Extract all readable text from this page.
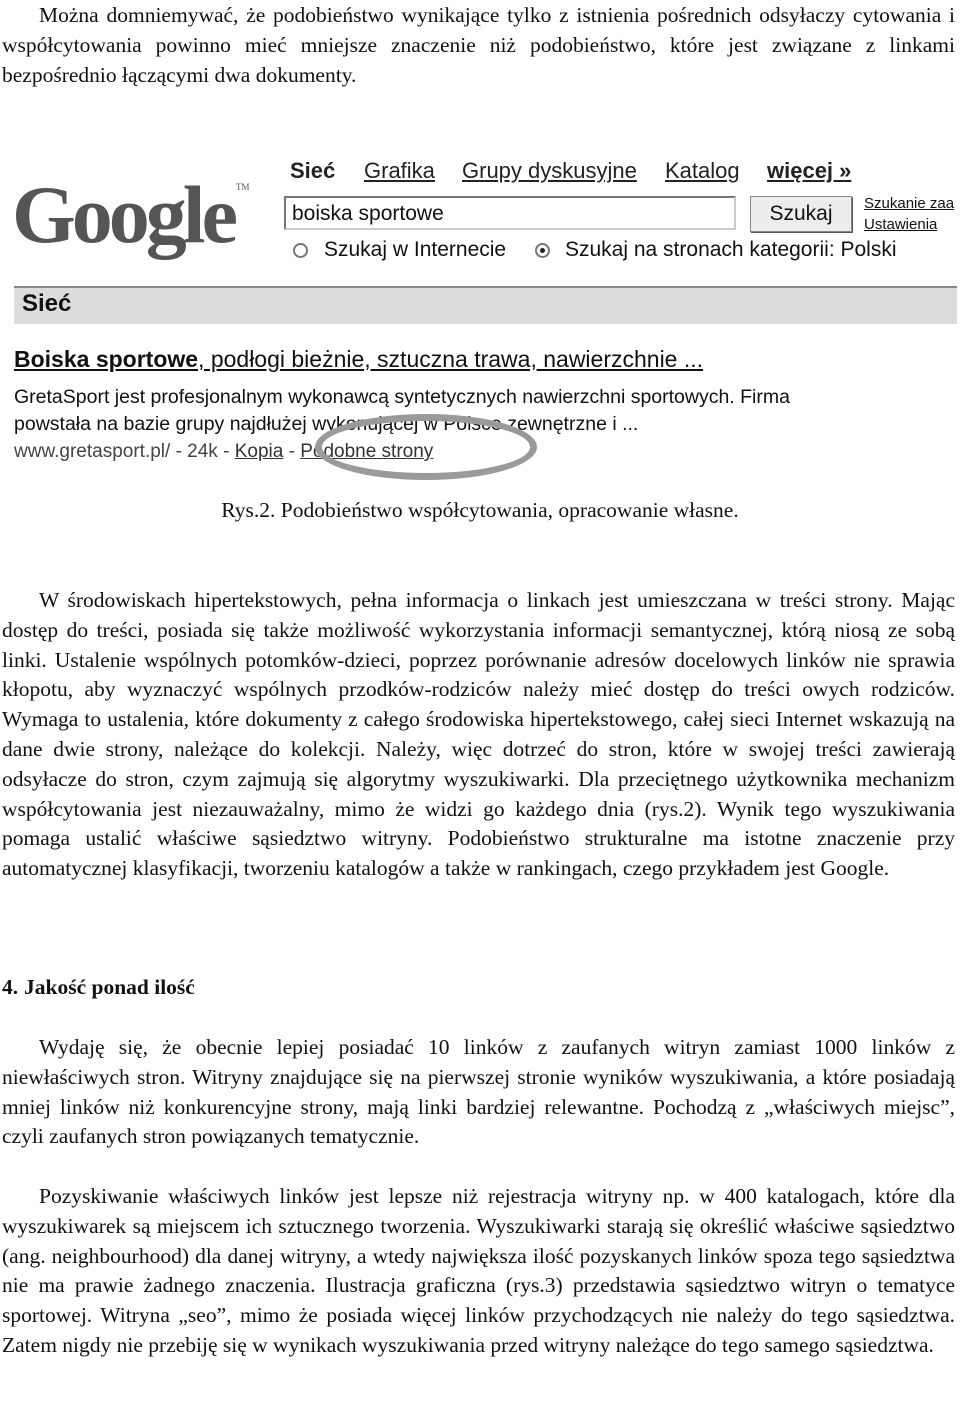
Można domniemywać, że podobieństwo wynikające tylko z istnienia pośrednich odsyłaczy cytowania i współcytowania powinno mieć mniejsze znaczenie niż podobieństwo, które jest związane z linkami bezpośrednio łączącymi dwa dokumenty.

Google ™
Sieć Grafika Grupy dyskusyjne Katalog więcej »
boiska sportowe	Szukaj	Szukanie zaa
Ustawienia
Szukaj w Internecie	Szukaj na stronach kategorii: Polski
Sieć
Boiska sportowe, podłogi bieżnie, sztuczna trawa, nawierzchnie ...
GretaSport jest profesjonalnym wykonawcą syntetycznych nawierzchni sportowych. Firma
powstała na bazie grupy najdłużej wykonującej w Polsce zewnętrzne i ...
www.gretasport.pl/ - 24k - Kopia - Podobne strony
Rys.2. Podobieństwo współcytowania, opracowanie własne.

W środowiskach hipertekstowych, pełna informacja o linkach jest umieszczana w treści strony. Mając dostęp do treści, posiada się także możliwość wykorzystania informacji semantycznej, którą niosą ze sobą linki. Ustalenie wspólnych potomków-dzieci, poprzez porównanie adresów docelowych linków nie sprawia kłopotu, aby wyznaczyć wspólnych przodków-rodziców należy mieć dostęp do treści owych rodziców. Wymaga to ustalenia, które dokumenty z całego środowiska hipertekstowego, całej sieci Internet wskazują na dane dwie strony, należące do kolekcji. Należy, więc dotrzeć do stron, które w swojej treści zawierają odsyłacze do stron, czym zajmują się algorytmy wyszukiwarki. Dla przeciętnego użytkownika mechanizm współcytowania jest niezauważalny, mimo że widzi go każdego dnia (rys.2). Wynik tego wyszukiwania pomaga ustalić właściwe sąsiedztwo witryny. Podobieństwo strukturalne ma istotne znaczenie przy automatycznej klasyfikacji, tworzeniu katalogów a także w rankingach, czego przykładem jest Google.

4. Jakość ponad ilość

Wydaję się, że obecnie lepiej posiadać 10 linków z zaufanych witryn zamiast 1000 linków z niewłaściwych stron. Witryny znajdujące się na pierwszej stronie wyników wyszukiwania, a które posiadają mniej linków niż konkurencyjne strony, mają linki bardziej relewantne. Pochodzą z „właściwych miejsc”, czyli zaufanych stron powiązanych tematycznie.

Pozyskiwanie właściwych linków jest lepsze niż rejestracja witryny np. w 400 katalogach, które dla wyszukiwarek są miejscem ich sztucznego tworzenia. Wyszukiwarki starają się określić właściwe sąsiedztwo (ang. neighbourhood) dla danej witryny, a wtedy największa ilość pozyskanych linków spoza tego sąsiedztwa nie ma prawie żadnego znaczenia. Ilustracja graficzna (rys.3) przedstawia sąsiedztwo witryn o tematyce sportowej. Witryna „seo”, mimo że posiada więcej linków przychodzących nie należy do tego sąsiedztwa. Zatem nigdy nie przebiję się w wynikach wyszukiwania przed witryny należące do tego samego sąsiedztwa.
